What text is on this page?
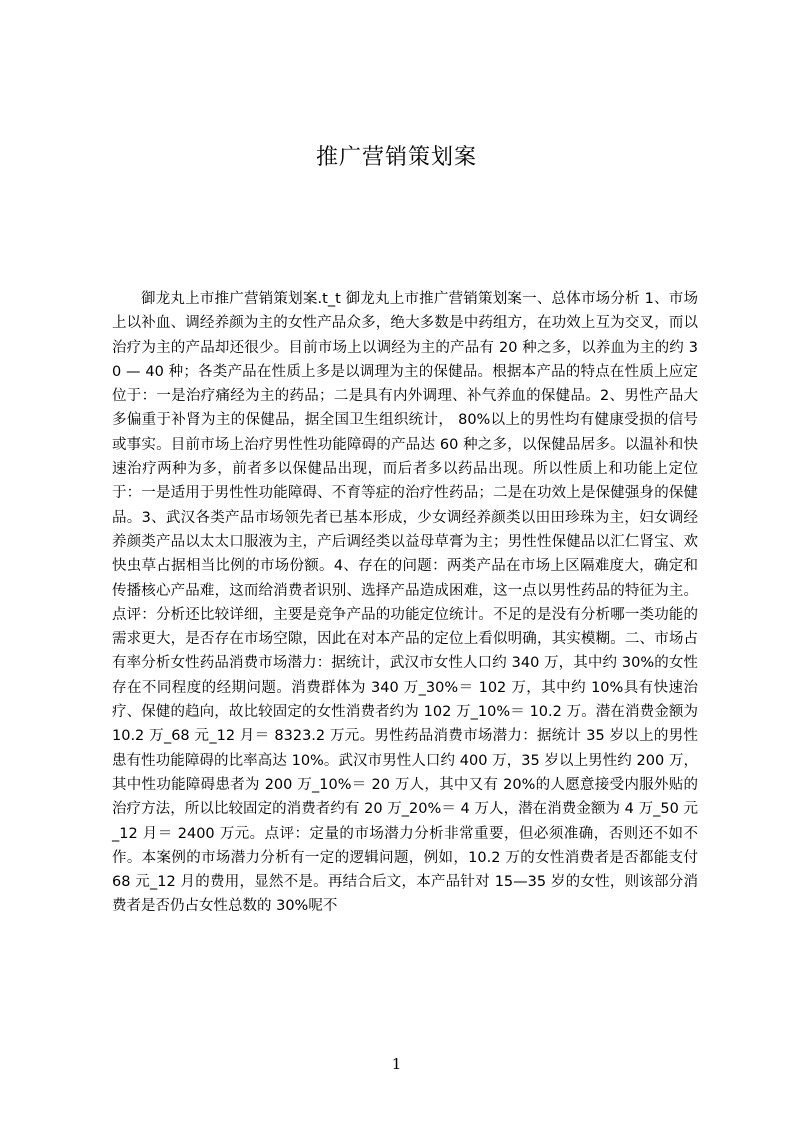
推广营销策划案

御龙丸上市推广营销策划案.t_t 御龙丸上市推广营销策划案一、总体市场分析 1、市场上以补血、调经养颜为主的女性产品众多，绝大多数是中药组方，在功效上互为交叉，而以治疗为主的产品却还很少。目前市场上以调经为主的产品有 20 种之多，以养血为主的约 30 — 40 种；各类产品在性质上多是以调理为主的保健品。根据本产品的特点在性质上应定位于：一是治疗痛经为主的药品；二是具有内外调理、补气养血的保健品。2、男性产品大多偏重于补肾为主的保健品，据全国卫生组织统计， 80%以上的男性均有健康受损的信号或事实。目前市场上治疗男性性功能障碍的产品达 60 种之多，以保健品居多。以温补和快速治疗两种为多，前者多以保健品出现，而后者多以药品出现。所以性质上和功能上定位于：一是适用于男性性功能障碍、不育等症的治疗性药品；二是在功效上是保健强身的保健品。3、武汉各类产品市场领先者已基本形成，少女调经养颜类以田田珍珠为主，妇女调经养颜类产品以太太口服液为主，产后调经类以益母草膏为主；男性性保健品以汇仁肾宝、欢快虫草占据相当比例的市场份额。4、存在的问题：两类产品在市场上区隔难度大，确定和传播核心产品难，这而给消费者识别、选择产品造成困难，这一点以男性药品的特征为主。点评：分析还比较详细，主要是竞争产品的功能定位统计。不足的是没有分析哪一类功能的需求更大，是否存在市场空隙，因此在对本产品的定位上看似明确，其实模糊。二、市场占有率分析女性药品消费市场潜力：据统计，武汉市女性人口约 340 万，其中约 30%的女性存在不同程度的经期问题。消费群体为 340 万_30%＝ 102 万，其中约 10%具有快速治疗、保健的趋向，故比较固定的女性消费者约为 102 万_10%＝ 10.2 万。潜在消费金额为 10.2 万_68 元_12 月＝ 8323.2 万元。男性药品消费市场潜力：据统计 35 岁以上的男性患有性功能障碍的比率高达 10%。武汉市男性人口约 400 万，35 岁以上男性约 200 万，其中性功能障碍患者为 200 万_10%＝ 20 万人，其中又有 20%的人愿意接受内服外贴的治疗方法，所以比较固定的消费者约有 20 万_20%＝ 4 万人，潜在消费金额为 4 万_50 元_12 月＝ 2400 万元。点评：定量的市场潜力分析非常重要，但必须准确，否则还不如不作。本案例的市场潜力分析有一定的逻辑问题，例如，10.2 万的女性消费者是否都能支付 68 元_12 月的费用，显然不是。再结合后文，本产品针对 15—35 岁的女性，则该部分消费者是否仍占女性总数的 30%呢不

1
